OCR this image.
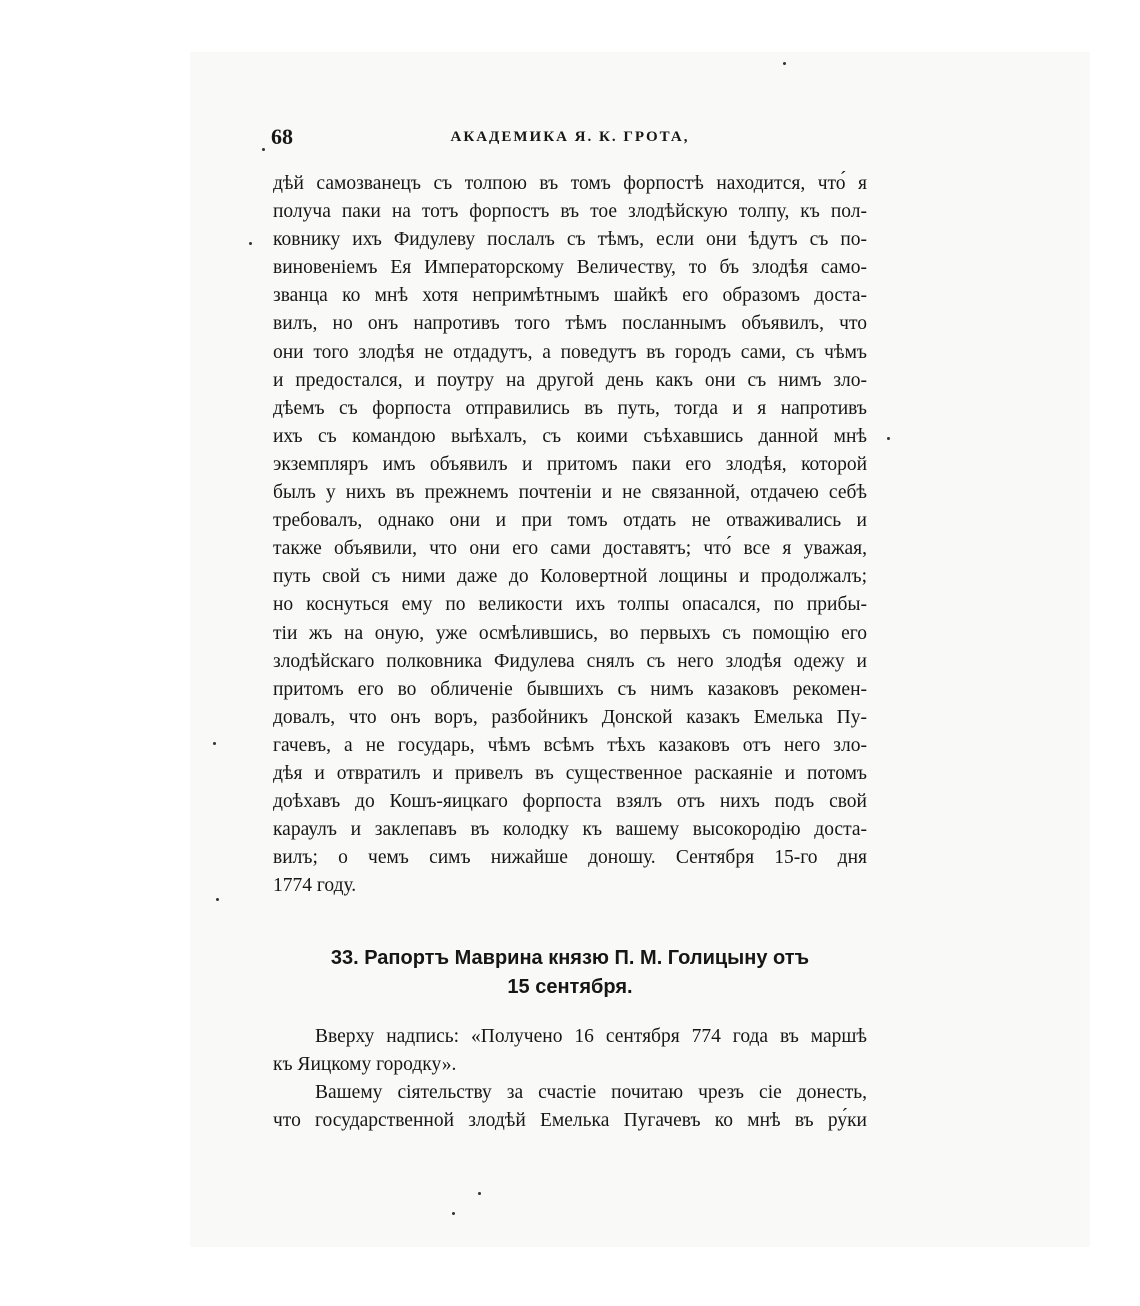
68	АКАДЕМИКА Я. К. ГРОТА,
дѣй самозванецъ съ толпою въ томъ форпостѣ находится, что́ я
получа паки на тотъ форпостъ въ тое злодѣйскую толпу, къ пол-
ковнику ихъ Фидулеву послалъ съ тѣмъ, если они ѣдутъ съ по-
виновеніемъ Ея Императорскому Величеству, то бъ злодѣя само-
званца ко мнѣ хотя непримѣтнымъ шайкѣ его образомъ доста-
вилъ, но онъ напротивъ того тѣмъ посланнымъ объявилъ, что
они того злодѣя не отдадутъ, а поведутъ въ городъ сами, съ чѣмъ
и предостался, и поутру на другой день какъ они съ нимъ зло-
дѣемъ съ форпоста отправились въ путь, тогда и я напротивъ
ихъ съ командою выѣхалъ, съ коими съѣхавшись данной мнѣ
экземпляръ имъ объявилъ и притомъ паки его злодѣя, которой
былъ у нихъ въ прежнемъ почтеніи и не связанной, отдачею себѣ
требовалъ, однако они и при томъ отдать не отваживались и
также объявили, что они его сами доставятъ; что́ все я уважая,
путь свой съ ними даже до Коловертной лощины и продолжалъ;
но коснуться ему по великости ихъ толпы опасался, по прибы-
тіи жъ на оную, уже осмѣлившись, во первыхъ съ помощію его
злодѣйскаго полковника Фидулева снялъ съ него злодѣя одежу и
притомъ его во обличеніе бывшихъ съ нимъ казаковъ рекомен-
довалъ, что онъ воръ, разбойникъ Донской казакъ Емелька Пу-
гачевъ, а не государь, чѣмъ всѣмъ тѣхъ казаковъ отъ него зло-
дѣя и отвратилъ и привелъ въ существенное раскаяніе и потомъ
доѣхавъ до Кошъ-яицкаго форпоста взялъ отъ нихъ подъ свой
караулъ и заклепавъ въ колодку къ вашему высокородію доста-
вилъ; о чемъ симъ нижайше доношу. Сентября 15-го дня
1774 году.
33. Рапортъ Маврина князю П. М. Голицыну отъ
15 сентября.
Вверху надпись: «Получено 16 сентября 774 года въ маршѣ
къ Яицкому городку».
Вашему сіятельству за счастіе почитаю чрезъ сіе донесть,
что государственной злодѣй Емелька Пугачевъ ко мнѣ въ ру́ки
